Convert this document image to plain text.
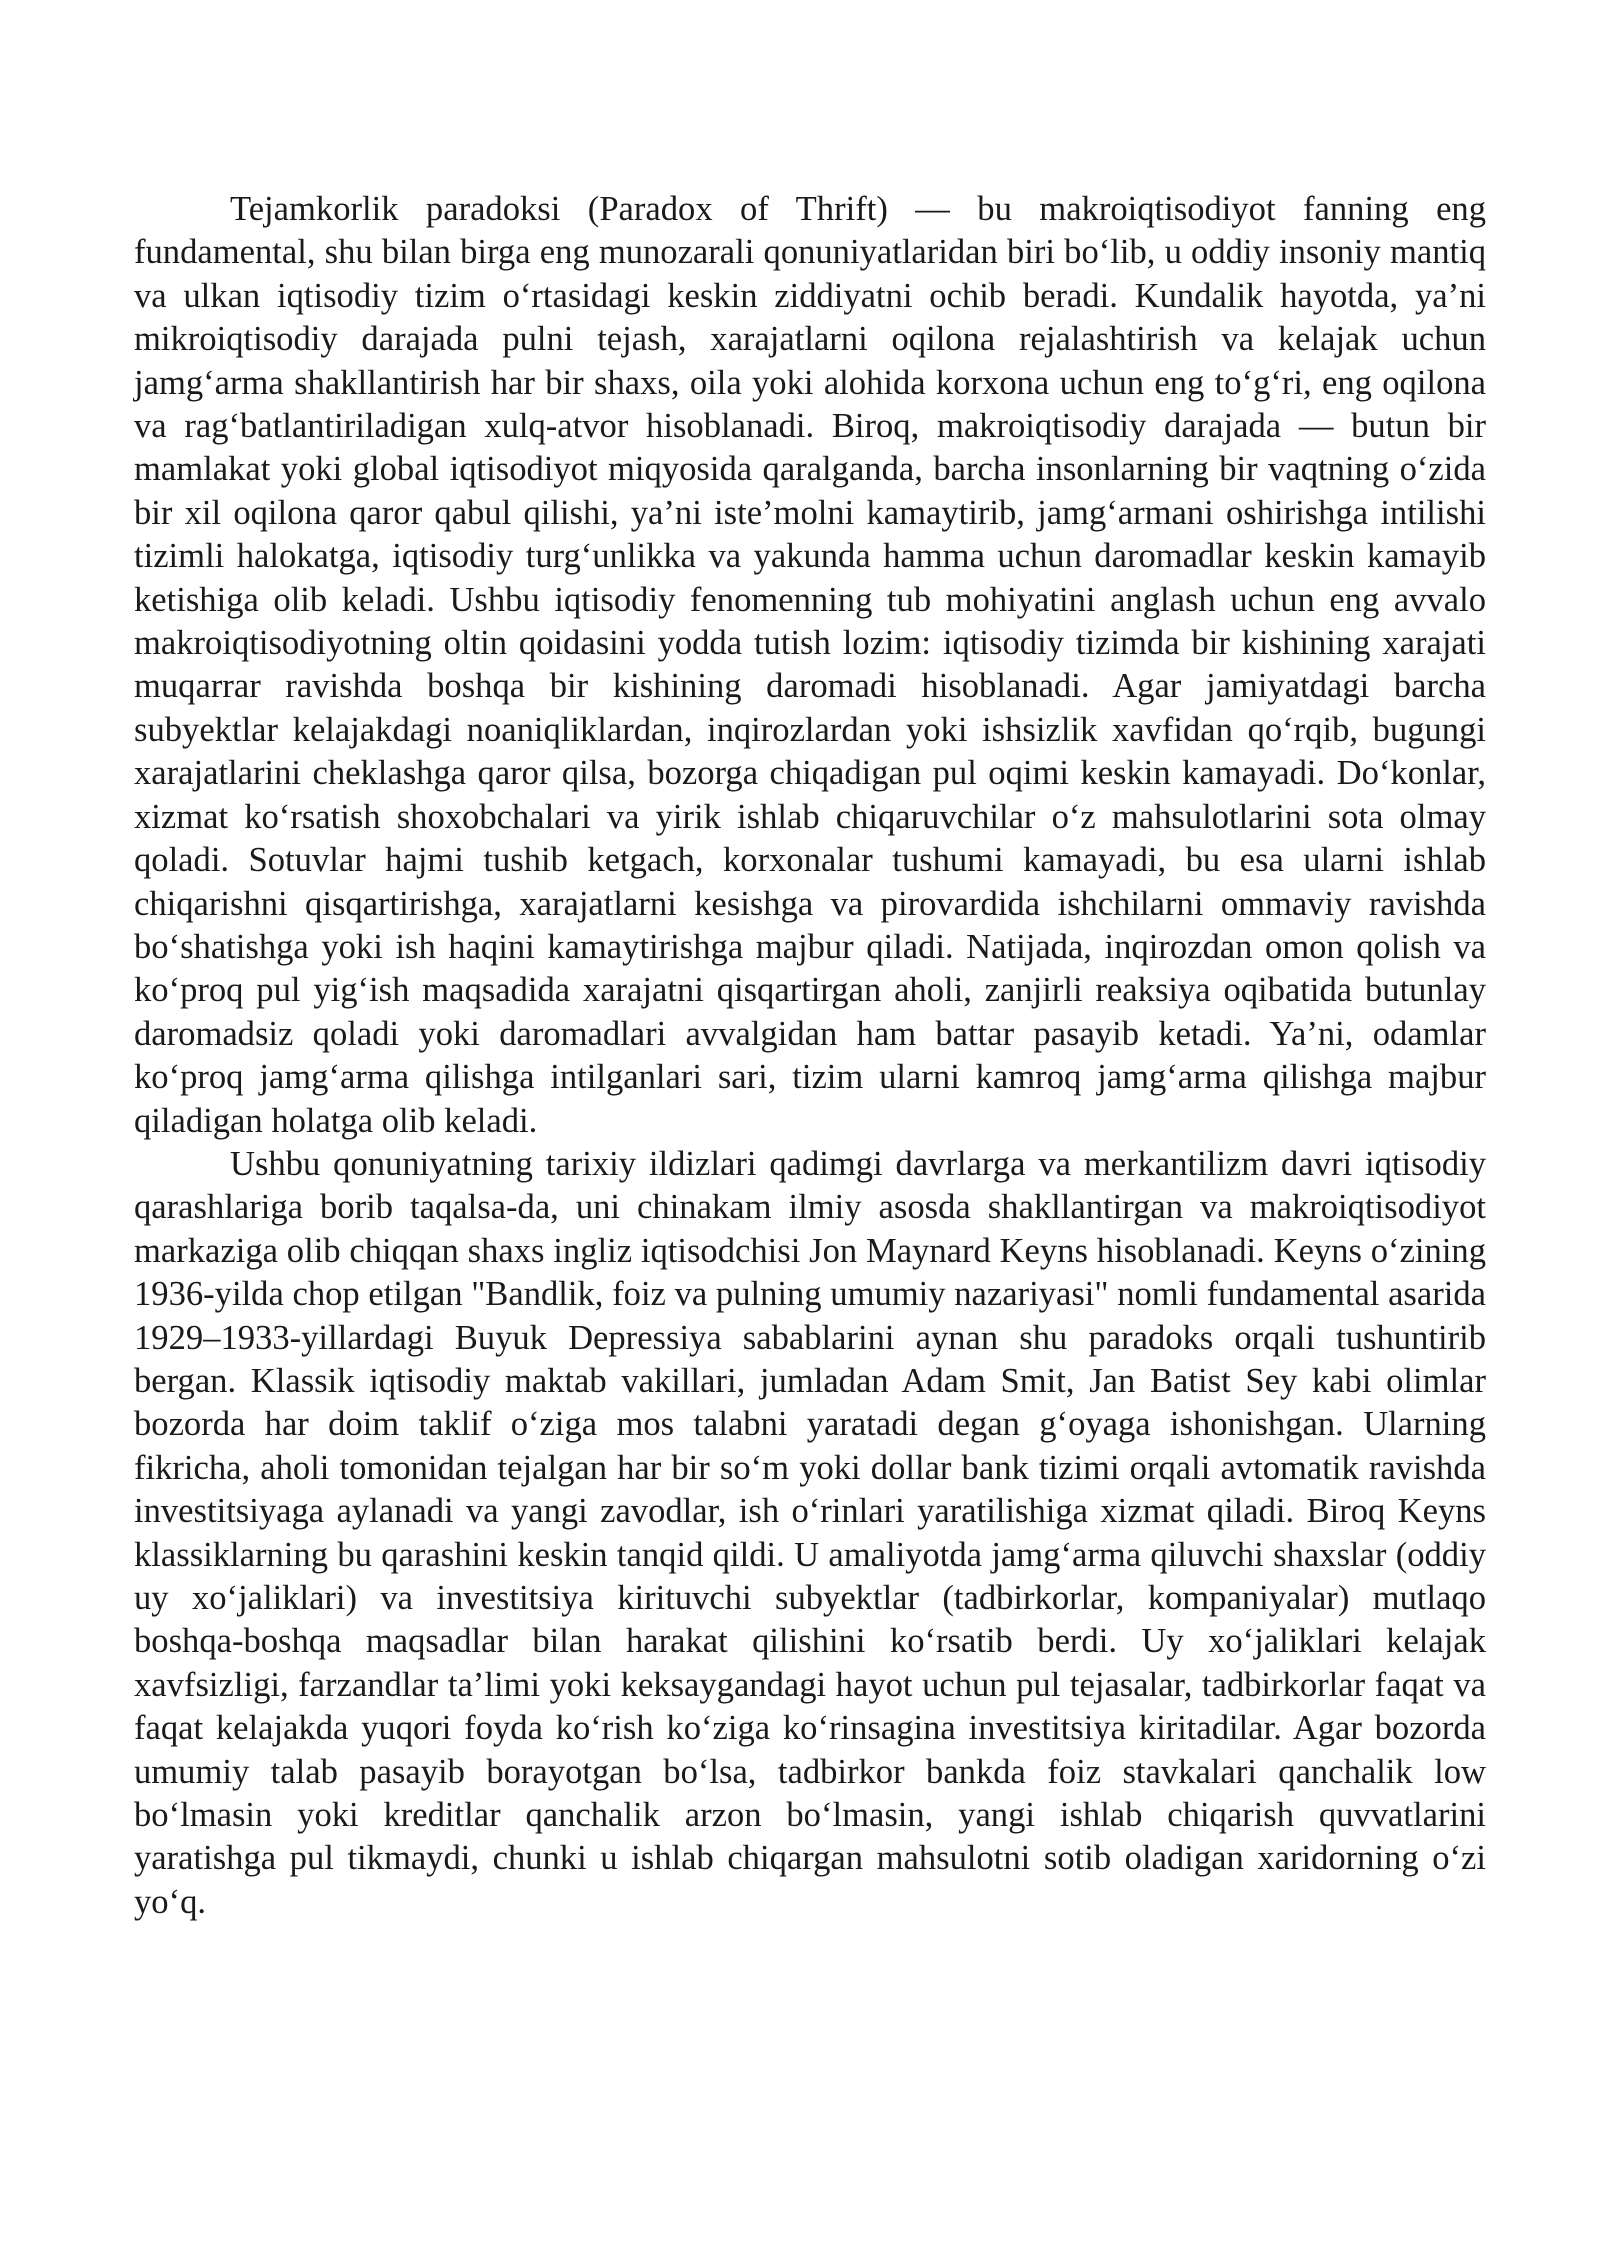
Tejamkorlik paradoksi (Paradox of Thrift) — bu makroiqtisodiyot fanning eng fundamental, shu bilan birga eng munozarali qonuniyatlaridan biri bo‘lib, u oddiy insoniy mantiq va ulkan iqtisodiy tizim o‘rtasidagi keskin ziddiyatni ochib beradi. Kundalik hayotda, ya’ni mikroiqtisodiy darajada pulni tejash, xarajatlarni oqilona rejalashtirish va kelajak uchun jamg‘arma shakllantirish har bir shaxs, oila yoki alohida korxona uchun eng to‘g‘ri, eng oqilona va rag‘batlantiriladigan xulq-atvor hisoblanadi. Biroq, makroiqtisodiy darajada — butun bir mamlakat yoki global iqtisodiyot miqyosida qaralganda, barcha insonlarning bir vaqtning o‘zida bir xil oqilona qaror qabul qilishi, ya’ni iste’molni kamaytirib, jamg‘armani oshirishga intilishi tizimli halokatga, iqtisodiy turg‘unlikka va yakunda hamma uchun daromadlar keskin kamayib ketishiga olib keladi. Ushbu iqtisodiy fenomenning tub mohiyatini anglash uchun eng avvalo makroiqtisodiyotning oltin qoidasini yodda tutish lozim: iqtisodiy tizimda bir kishining xarajati muqarrar ravishda boshqa bir kishining daromadi hisoblanadi. Agar jamiyatdagi barcha subyektlar kelajakdagi noaniqliklardan, inqirozlardan yoki ishsizlik xavfidan qo‘rqib, bugungi xarajatlarini cheklashga qaror qilsa, bozorga chiqadigan pul oqimi keskin kamayadi. Do‘konlar, xizmat ko‘rsatish shoxobchalari va yirik ishlab chiqaruvchilar o‘z mahsulotlarini sota olmay qoladi. Sotuvlar hajmi tushib ketgach, korxonalar tushumi kamayadi, bu esa ularni ishlab chiqarishni qisqartirishga, xarajatlarni kesishga va pirovardida ishchilarni ommaviy ravishda bo‘shatishga yoki ish haqini kamaytirishga majbur qiladi. Natijada, inqirozdan omon qolish va ko‘proq pul yig‘ish maqsadida xarajatni qisqartirgan aholi, zanjirli reaksiya oqibatida butunlay daromadsiz qoladi yoki daromadlari avvalgidan ham battar pasayib ketadi. Ya’ni, odamlar ko‘proq jamg‘arma qilishga intilganlari sari, tizim ularni kamroq jamg‘arma qilishga majbur qiladigan holatga olib keladi.

Ushbu qonuniyatning tarixiy ildizlari qadimgi davrlarga va merkantilizm davri iqtisodiy qarashlariga borib taqalsa-da, uni chinakam ilmiy asosda shakllantirgan va makroiqtisodiyot markaziga olib chiqqan shaxs ingliz iqtisodchisi Jon Maynard Keyns hisoblanadi. Keyns o‘zining 1936-yilda chop etilgan "Bandlik, foiz va pulning umumiy nazariyasi" nomli fundamental asarida 1929–1933-yillardagi Buyuk Depressiya sabablarini aynan shu paradoks orqali tushuntirib bergan. Klassik iqtisodiy maktab vakillari, jumladan Adam Smit, Jan Batist Sey kabi olimlar bozorda har doim taklif o‘ziga mos talabni yaratadi degan g‘oyaga ishonishgan. Ularning fikricha, aholi tomonidan tejalgan har bir so‘m yoki dollar bank tizimi orqali avtomatik ravishda investitsiyaga aylanadi va yangi zavodlar, ish o‘rinlari yaratilishiga xizmat qiladi. Biroq Keyns klassiklarning bu qarashini keskin tanqid qildi. U amaliyotda jamg‘arma qiluvchi shaxslar (oddiy uy xo‘jaliklari) va investitsiya kirituvchi subyektlar (tadbirkorlar, kompaniyalar) mutlaqo boshqa-boshqa maqsadlar bilan harakat qilishini ko‘rsatib berdi. Uy xo‘jaliklari kelajak xavfsizligi, farzandlar ta’limi yoki keksaygandagi hayot uchun pul tejasalar, tadbirkorlar faqat va faqat kelajakda yuqori foyda ko‘rish ko‘ziga ko‘rinsagina investitsiya kiritadilar. Agar bozorda umumiy talab pasayib borayotgan bo‘lsa, tadbirkor bankda foiz stavkalari qanchalik low bo‘lmasin yoki kreditlar qanchalik arzon bo‘lmasin, yangi ishlab chiqarish quvvatlarini yaratishga pul tikmaydi, chunki u ishlab chiqargan mahsulotni sotib oladigan xaridorning o‘zi yo‘q.
